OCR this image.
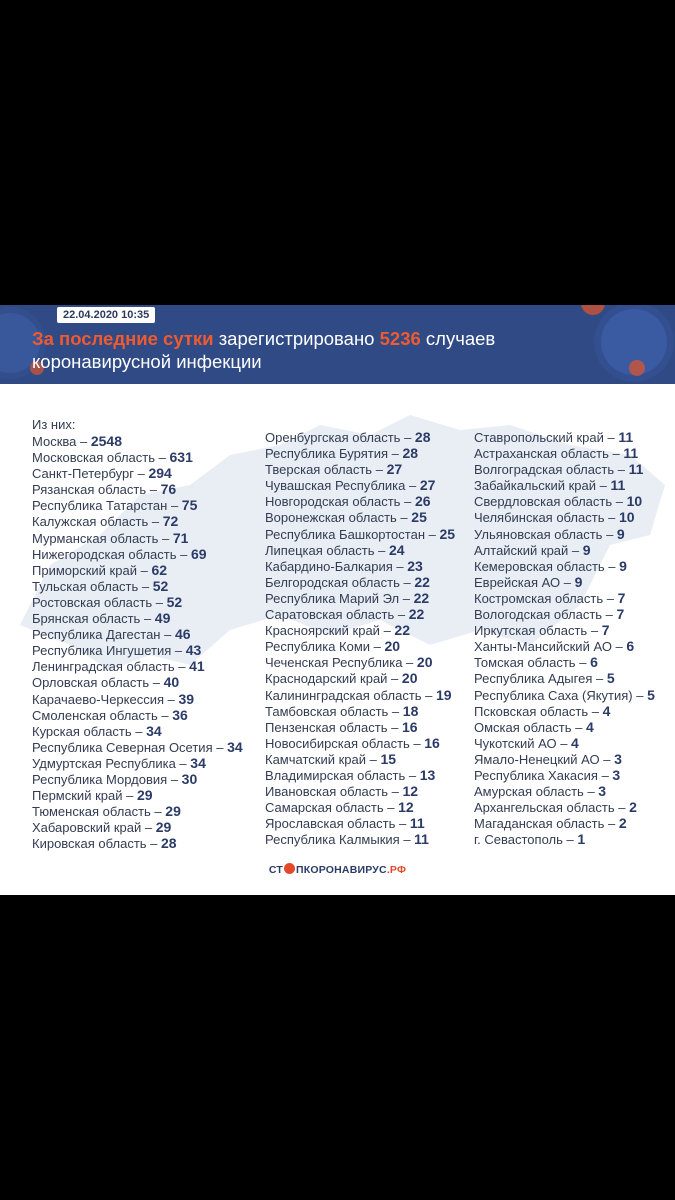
22.04.2020 10:35
За последние сутки зарегистрировано 5236 случаев коронавирусной инфекции
Из них:
Москва – 2548
Московская область – 631
Санкт-Петербург – 294
Рязанская область – 76
Республика Татарстан – 75
Калужская область – 72
Мурманская область – 71
Нижегородская область – 69
Приморский край – 62
Тульская область – 52
Ростовская область – 52
Брянская область – 49
Республика Дагестан – 46
Республика Ингушетия – 43
Ленинградская область – 41
Орловская область – 40
Карачаево-Черкессия – 39
Смоленская область – 36
Курская область – 34
Республика Северная Осетия – 34
Удмуртская Республика – 34
Республика Мордовия – 30
Пермский край – 29
Тюменская область – 29
Хабаровский край – 29
Кировская область – 28
Оренбургская область – 28
Республика Бурятия – 28
Тверская область – 27
Чувашская Республика – 27
Новгородская область – 26
Воронежская область – 25
Республика Башкортостан – 25
Липецкая область – 24
Кабардино-Балкария – 23
Белгородская область – 22
Республика Марий Эл – 22
Саратовская область – 22
Красноярский край – 22
Республика Коми – 20
Чеченская Республика – 20
Краснодарский край – 20
Калининградская область – 19
Тамбовская область – 18
Пензенская область – 16
Новосибирская область – 16
Камчатский край – 15
Владимирская область – 13
Ивановская область – 12
Самарская область – 12
Ярославская область – 11
Республика Калмыкия – 11
Ставропольский край – 11
Астраханская область – 11
Волгоградская область – 11
Забайкальский край – 11
Свердловская область – 10
Челябинская область – 10
Ульяновская область – 9
Алтайский край – 9
Кемеровская область – 9
Еврейская АО – 9
Костромская область – 7
Вологодская область – 7
Иркутская область – 7
Ханты-Мансийский АО – 6
Томская область – 6
Республика Адыгея – 5
Республика Саха (Якутия) – 5
Псковская область – 4
Омская область – 4
Чукотский АО – 4
Ямало-Ненецкий АО – 3
Республика Хакасия – 3
Амурская область – 3
Архангельская область – 2
Магаданская область – 2
г. Севастополь – 1
СТ ПКОРОНАВИРУС.РФ
